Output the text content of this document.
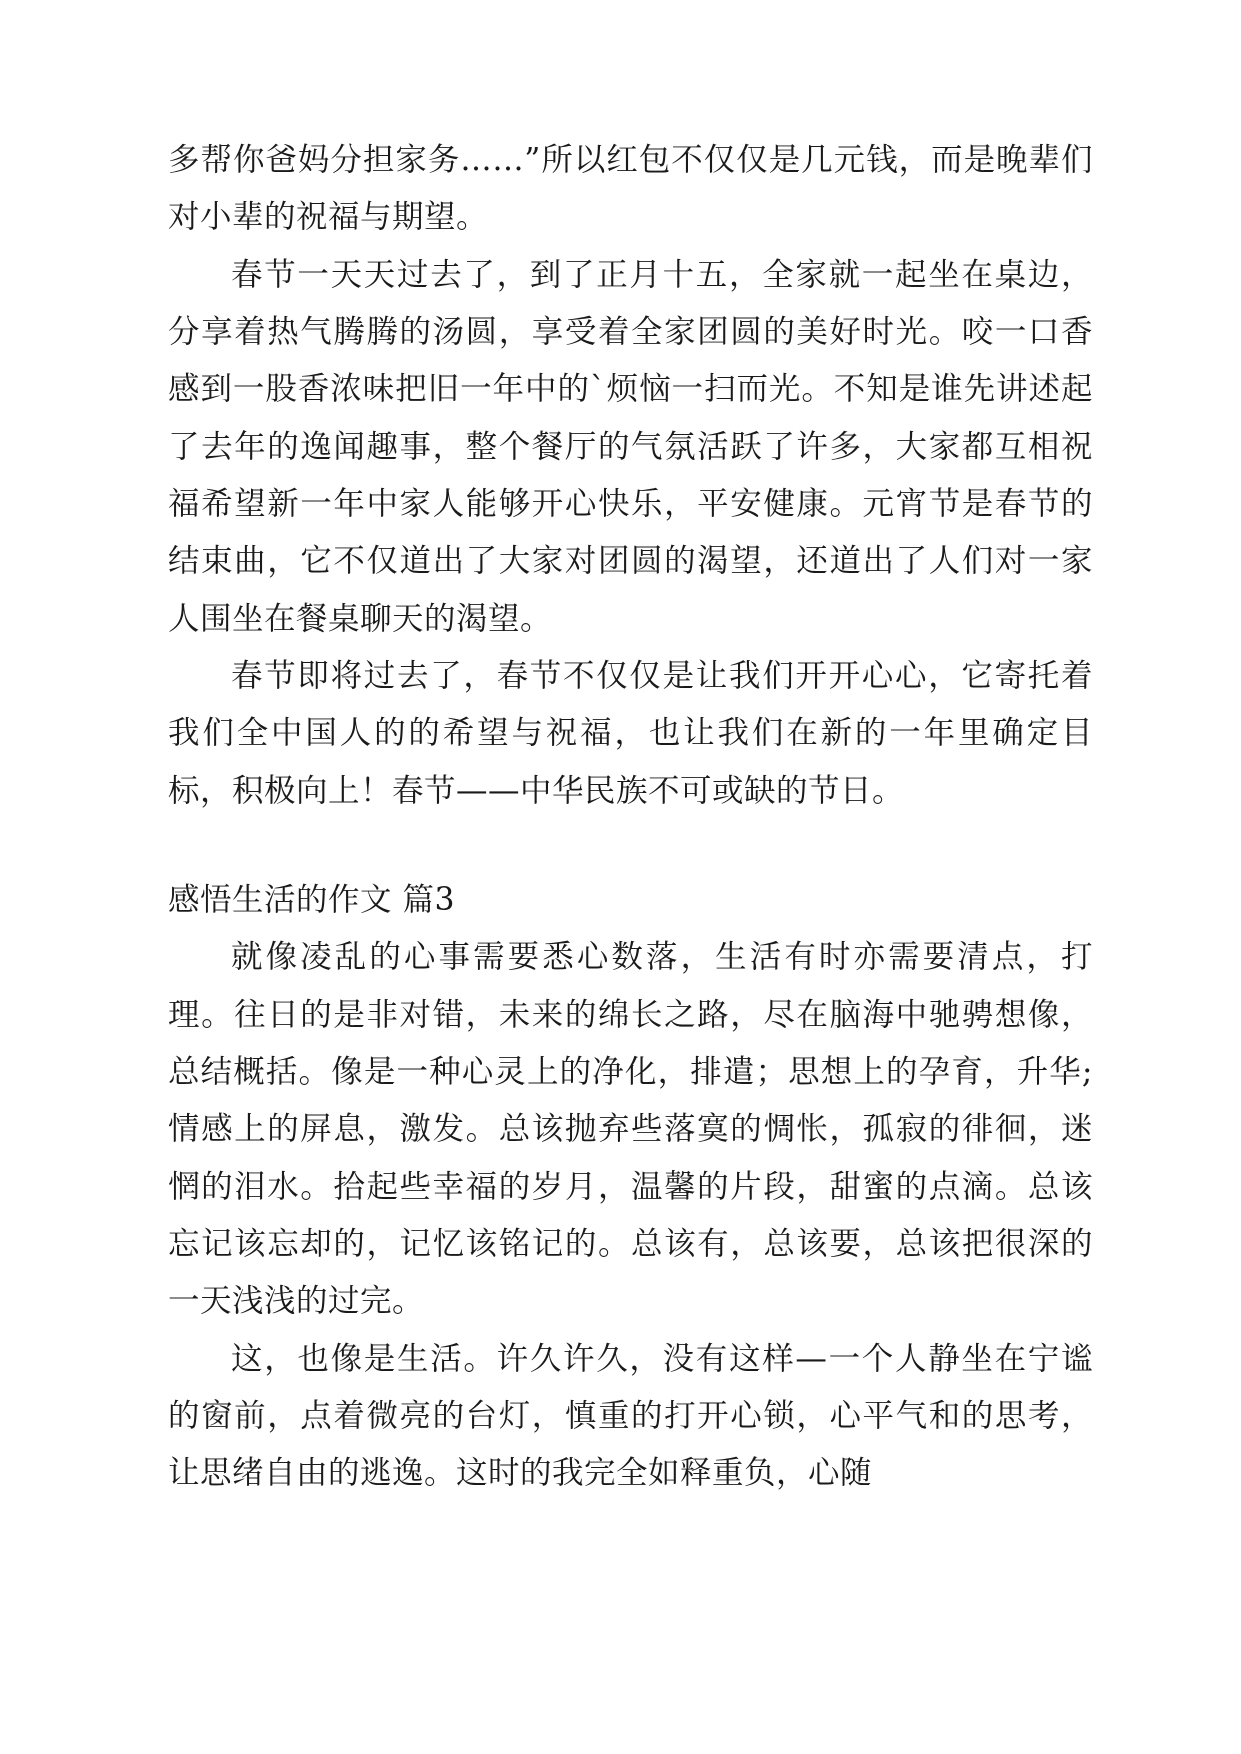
多帮你爸妈分担家务……”所以红包不仅仅是几元钱，而是晚辈们对小辈的祝福与期望。

春节一天天过去了，到了正月十五，全家就一起坐在桌边，分享着热气腾腾的汤圆，享受着全家团圆的美好时光。咬一口香感到一股香浓味把旧一年中的`烦恼一扫而光。不知是谁先讲述起了去年的逸闻趣事，整个餐厅的气氛活跃了许多，大家都互相祝福希望新一年中家人能够开心快乐，平安健康。元宵节是春节的结束曲，它不仅道出了大家对团圆的渴望，还道出了人们对一家人围坐在餐桌聊天的渴望。

春节即将过去了，春节不仅仅是让我们开开心心，它寄托着我们全中国人的的希望与祝福，也让我们在新的一年里确定目标，积极向上！春节——中华民族不可或缺的节日。

感悟生活的作文 篇3

就像凌乱的心事需要悉心数落，生活有时亦需要清点，打理。往日的是非对错，未来的绵长之路，尽在脑海中驰骋想像，总结概括。像是一种心灵上的净化，排遣；思想上的孕育，升华;情感上的屏息，激发。总该抛弃些落寞的惆怅，孤寂的徘徊，迷惘的泪水。拾起些幸福的岁月，温馨的片段，甜蜜的点滴。总该忘记该忘却的，记忆该铭记的。总该有，总该要，总该把很深的一天浅浅的过完。

这，也像是生活。许久许久，没有这样—一个人静坐在宁谧的窗前，点着微亮的台灯，慎重的打开心锁，心平气和的思考，让思绪自由的逃逸。这时的我完全如释重负，心随
